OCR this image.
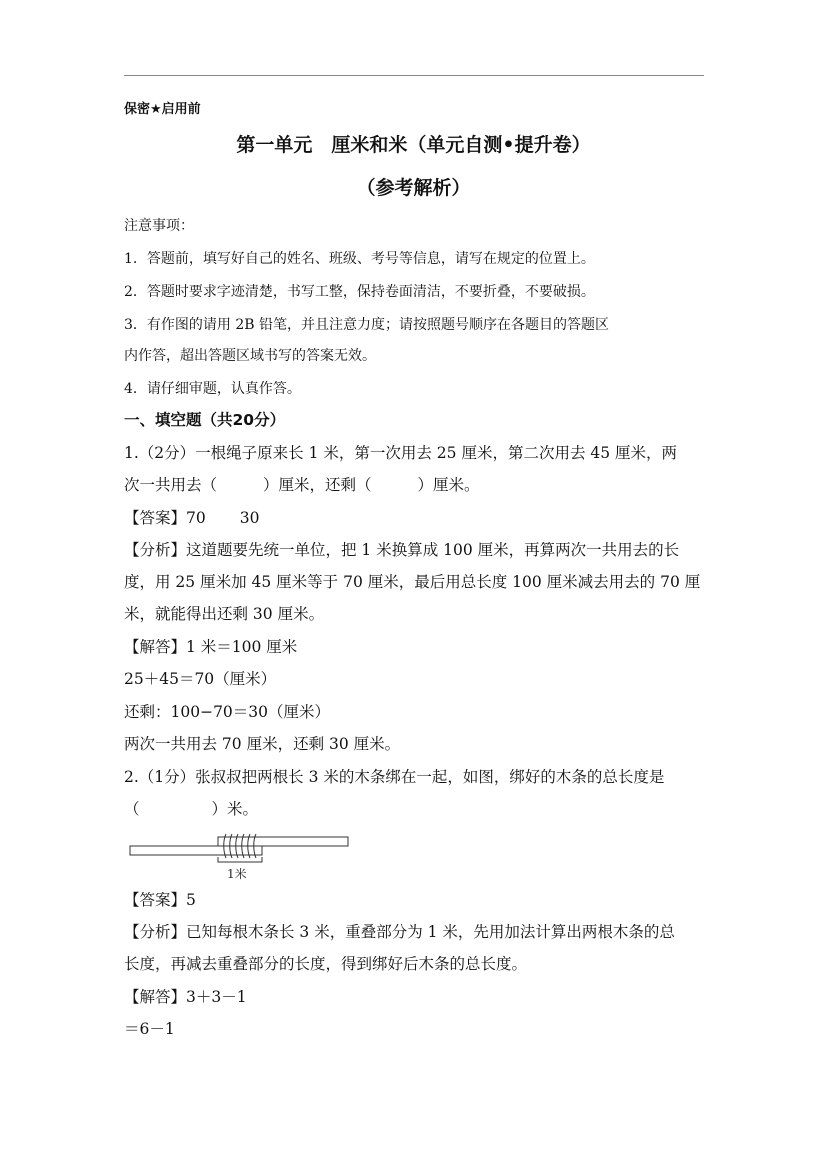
保密★启用前
第一单元　厘米和米（单元自测•提升卷）
（参考解析）
注意事项：
1．答题前，填写好自己的姓名、班级、考号等信息，请写在规定的位置上。
2．答题时要求字迹清楚，书写工整，保持卷面清洁，不要折叠，不要破损。
3．有作图的请用 2B 铅笔，并且注意力度；请按照题号顺序在各题目的答题区
内作答，超出答题区域书写的答案无效。
4．请仔细审题，认真作答。
一、填空题（共20分）
1.（2分）一根绳子原来长 1 米，第一次用去 25 厘米，第二次用去 45 厘米，两
次一共用去（	）厘米，还剩（	）厘米。
【答案】70 30
【分析】这道题要先统一单位，把 1 米换算成 100 厘米，再算两次一共用去的长
度，用 25 厘米加 45 厘米等于 70 厘米，最后用总长度 100 厘米减去用去的 70 厘
米，就能得出还剩 30 厘米。
【解答】1 米＝100 厘米
25＋45＝70（厘米）
还剩：100−70＝30（厘米）
两次一共用去 70 厘米，还剩 30 厘米。
2.（1分）张叔叔把两根长 3 米的木条绑在一起，如图，绑好的木条的总长度是
（	）米。
1米
【答案】5
【分析】已知每根木条长 3 米，重叠部分为 1 米，先用加法计算出两根木条的总
长度，再减去重叠部分的长度，得到绑好后木条的总长度。
【解答】3＋3－1
＝6－1
